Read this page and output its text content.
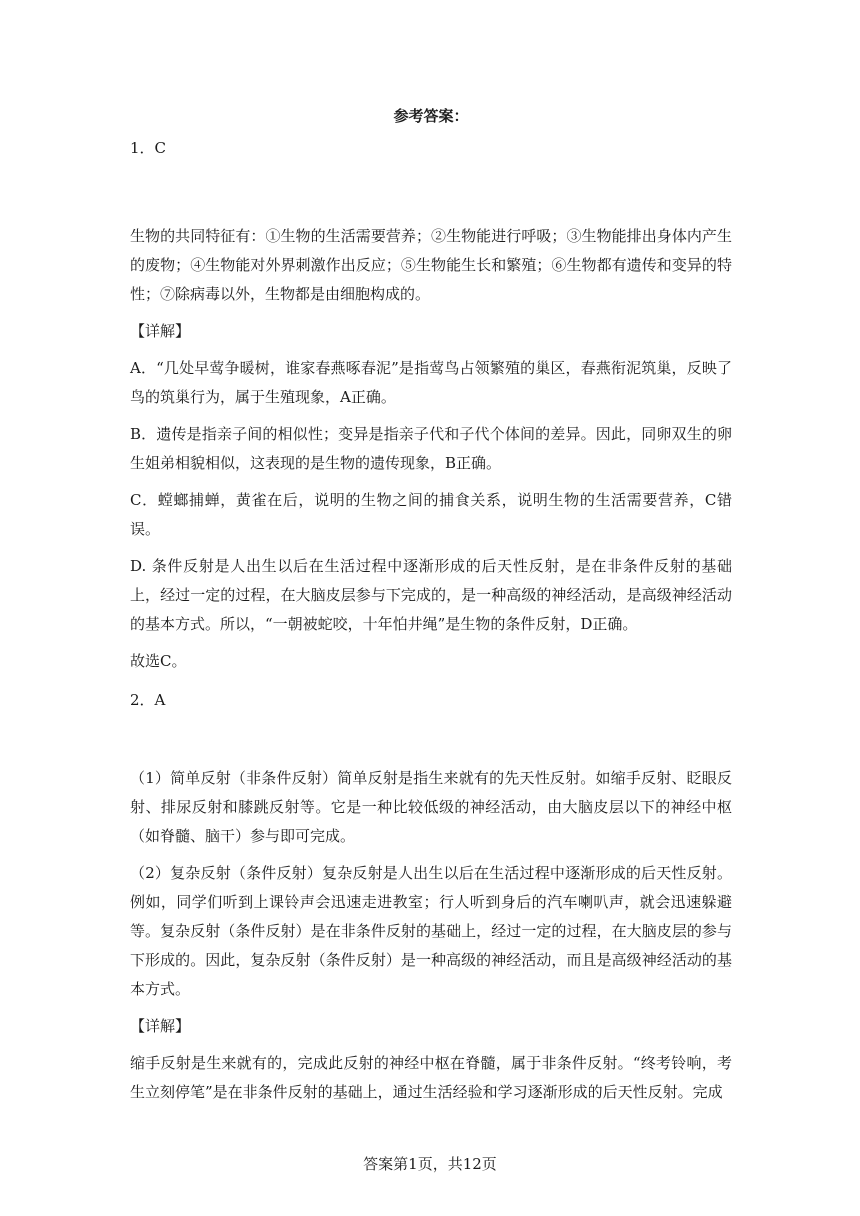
参考答案：

1．C

生物的共同特征有：①生物的生活需要营养；②生物能进行呼吸；③生物能排出身体内产生的废物；④生物能对外界刺激作出反应；⑤生物能生长和繁殖；⑥生物都有遗传和变异的特性；⑦除病毒以外，生物都是由细胞构成的。

【详解】

A．“几处早莺争暖树，谁家春燕啄春泥”是指莺鸟占领繁殖的巢区，春燕衔泥筑巢，反映了鸟的筑巢行为，属于生殖现象，A正确。

B．遗传是指亲子间的相似性；变异是指亲子代和子代个体间的差异。因此，同卵双生的卵生姐弟相貌相似，这表现的是生物的遗传现象，B正确。

C．螳螂捕蝉，黄雀在后，说明的生物之间的捕食关系，说明生物的生活需要营养，C错误。

D. 条件反射是人出生以后在生活过程中逐渐形成的后天性反射，是在非条件反射的基础上，经过一定的过程，在大脑皮层参与下完成的，是一种高级的神经活动，是高级神经活动的基本方式。所以，“一朝被蛇咬，十年怕井绳”是生物的条件反射，D正确。

故选C。

2．A

（1）简单反射（非条件反射）简单反射是指生来就有的先天性反射。如缩手反射、眨眼反射、排尿反射和膝跳反射等。它是一种比较低级的神经活动，由大脑皮层以下的神经中枢（如脊髓、脑干）参与即可完成。

（2）复杂反射（条件反射）复杂反射是人出生以后在生活过程中逐渐形成的后天性反射。例如，同学们听到上课铃声会迅速走进教室；行人听到身后的汽车喇叭声，就会迅速躲避等。复杂反射（条件反射）是在非条件反射的基础上，经过一定的过程，在大脑皮层的参与下形成的。因此，复杂反射（条件反射）是一种高级的神经活动，而且是高级神经活动的基本方式。

【详解】

缩手反射是生来就有的，完成此反射的神经中枢在脊髓，属于非条件反射。“终考铃响，考生立刻停笔”是在非条件反射的基础上，通过生活经验和学习逐渐形成的后天性反射。完成

答案第1页，共12页
